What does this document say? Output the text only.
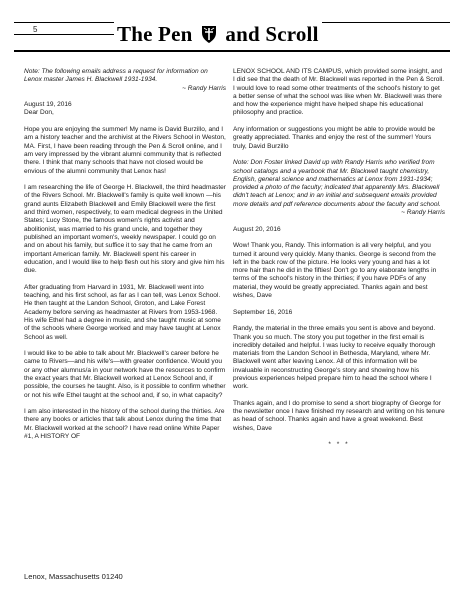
5	The Pen and Scroll

Note: The following emails address a request for information on Lenox master James H. Blackwell 1931-1934.

~ Randy Harris

August 19, 2016
Dear Don,

Hope you are enjoying the summer! My name is David Burzillo, and I am a history teacher and the archivist at the Rivers School in Weston, MA. First, I have been reading through the Pen & Scroll online, and I am very impressed by the vibrant alumni community that is reflected there. I think that many schools that have not closed would be envious of the alumni community that Lenox has!

I am researching the life of George H. Blackwell, the third headmaster of the Rivers School. Mr. Blackwell's family is quite well known —his grand aunts Elizabeth Blackwell and Emily Blackwell were the first and third women, respectively, to earn medical degrees in the United States; Lucy Stone, the famous women's rights activist and abolitionist, was married to his grand uncle, and together they published an important women's, weekly newspaper. I could go on and on about his family, but suffice it to say that he came from an important American family. Mr. Blackwell spent his career in education, and I would like to help flesh out his story and give him his due.

After graduating from Harvard in 1931, Mr. Blackwell went into teaching, and his first school, as far as I can tell, was Lenox School. He then taught at the Landon School, Groton, and Lake Forest Academy before serving as headmaster at Rivers from 1953-1968. His wife Ethel had a degree in music, and she taught music at some of the schools where George worked and may have taught at Lenox School as well.

I would like to be able to talk about Mr. Blackwell's career before he came to Rivers—and his wife's—with greater confidence. Would you or any other alumnus/a in your network have the resources to confirm the exact years that Mr. Blackwell worked at Lenox School and, if possible, the courses he taught. Also, is it possible to confirm whether or not his wife Ethel taught at the school and, if so, in what capacity?

I am also interested in the history of the school during the thirties. Are there any books or articles that talk about Lenox during the time that Mr. Blackwell worked at the school? I have read online White Paper #1, A HISTORY OF

LENOX SCHOOL AND ITS CAMPUS, which provided some insight, and I did see that the death of Mr. Blackwell was reported in the Pen & Scroll. I would love to read some other treatments of the school's history to get a better sense of what the school was like when Mr. Blackwell was there and how the experience might have helped shape his educational philosophy and practice.

Any information or suggestions you might be able to provide would be greatly appreciated. Thanks and enjoy the rest of the summer! Yours truly, David Burzillo

Note: Don Foster linked David up with Randy Harris who verified from school catalogs and a yearbook that Mr. Blackwell taught chemistry, English, general science and mathematics at Lenox from 1931-1934; provided a photo of the faculty; indicated that apparently Mrs. Blackwell didn't teach at Lenox; and in an initial and subsequent emails provided more details and pdf reference documents about the faculty and school.

~ Randy Harris

August 20, 2016

Wow! Thank you, Randy. This information is all very helpful, and you turned it around very quickly. Many thanks. George is second from the left in the back row of the picture. He looks very young and has a lot more hair than he did in the fifties! Don't go to any elaborate lengths in terms of the school's history in the thirties; if you have PDFs of any material, they would be greatly appreciated. Thanks again and best wishes, Dave

September 16, 2016

Randy, the material in the three emails you sent is above and beyond. Thank you so much. The story you put together in the first email is incredibly detailed and helpful. I was lucky to receive equally thorough materials from the Landon School in Bethesda, Maryland, where Mr. Blackwell went after leaving Lenox. All of this information will be invaluable in reconstructing George's story and showing how his previous experiences helped prepare him to head the school where I work.

Thanks again, and I do promise to send a short biography of George for the newsletter once I have finished my research and writing on his tenure as head of school. Thanks again and have a great weekend. Best wishes, Dave

* * *

Lenox, Massachusetts 01240
